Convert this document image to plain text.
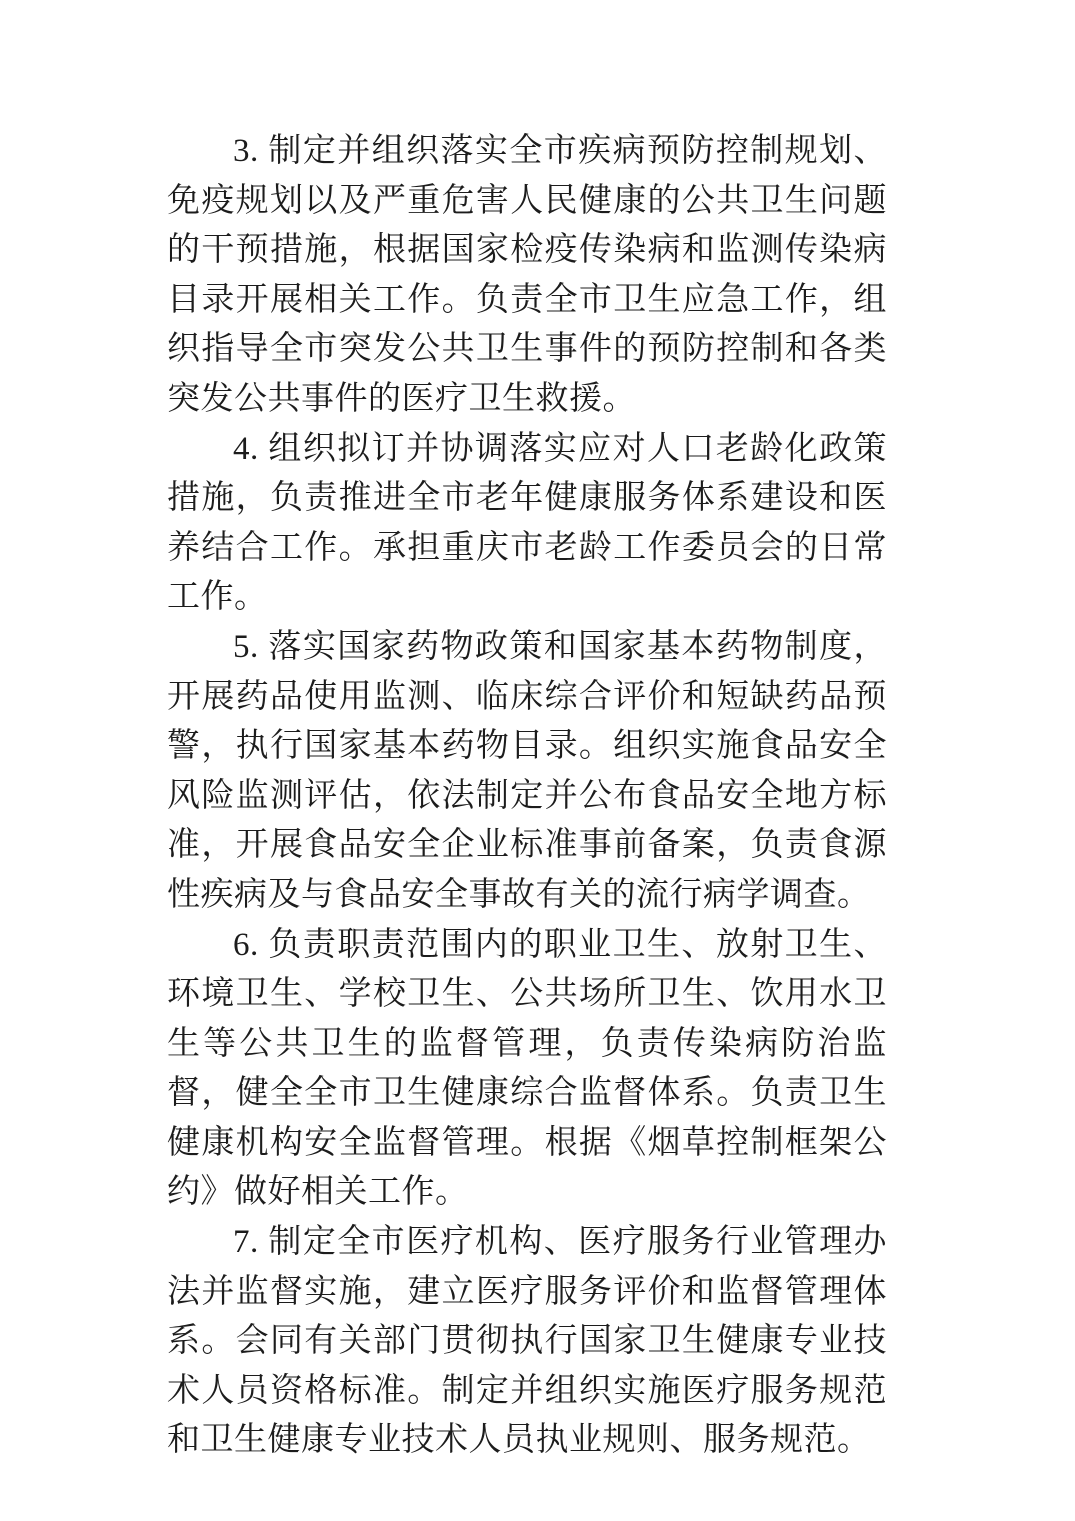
3. 制定并组织落实全市疾病预防控制规划、免疫规划以及严重危害人民健康的公共卫生问题的干预措施，根据国家检疫传染病和监测传染病目录开展相关工作。负责全市卫生应急工作，组织指导全市突发公共卫生事件的预防控制和各类突发公共事件的医疗卫生救援。

4. 组织拟订并协调落实应对人口老龄化政策措施，负责推进全市老年健康服务体系建设和医养结合工作。承担重庆市老龄工作委员会的日常工作。

5. 落实国家药物政策和国家基本药物制度，开展药品使用监测、临床综合评价和短缺药品预警，执行国家基本药物目录。组织实施食品安全风险监测评估，依法制定并公布食品安全地方标准，开展食品安全企业标准事前备案，负责食源性疾病及与食品安全事故有关的流行病学调查。

6. 负责职责范围内的职业卫生、放射卫生、环境卫生、学校卫生、公共场所卫生、饮用水卫生等公共卫生的监督管理，负责传染病防治监督，健全全市卫生健康综合监督体系。负责卫生健康机构安全监督管理。根据《烟草控制框架公约》做好相关工作。

7. 制定全市医疗机构、医疗服务行业管理办法并监督实施，建立医疗服务评价和监督管理体系。会同有关部门贯彻执行国家卫生健康专业技术人员资格标准。制定并组织实施医疗服务规范和卫生健康专业技术人员执业规则、服务规范。
